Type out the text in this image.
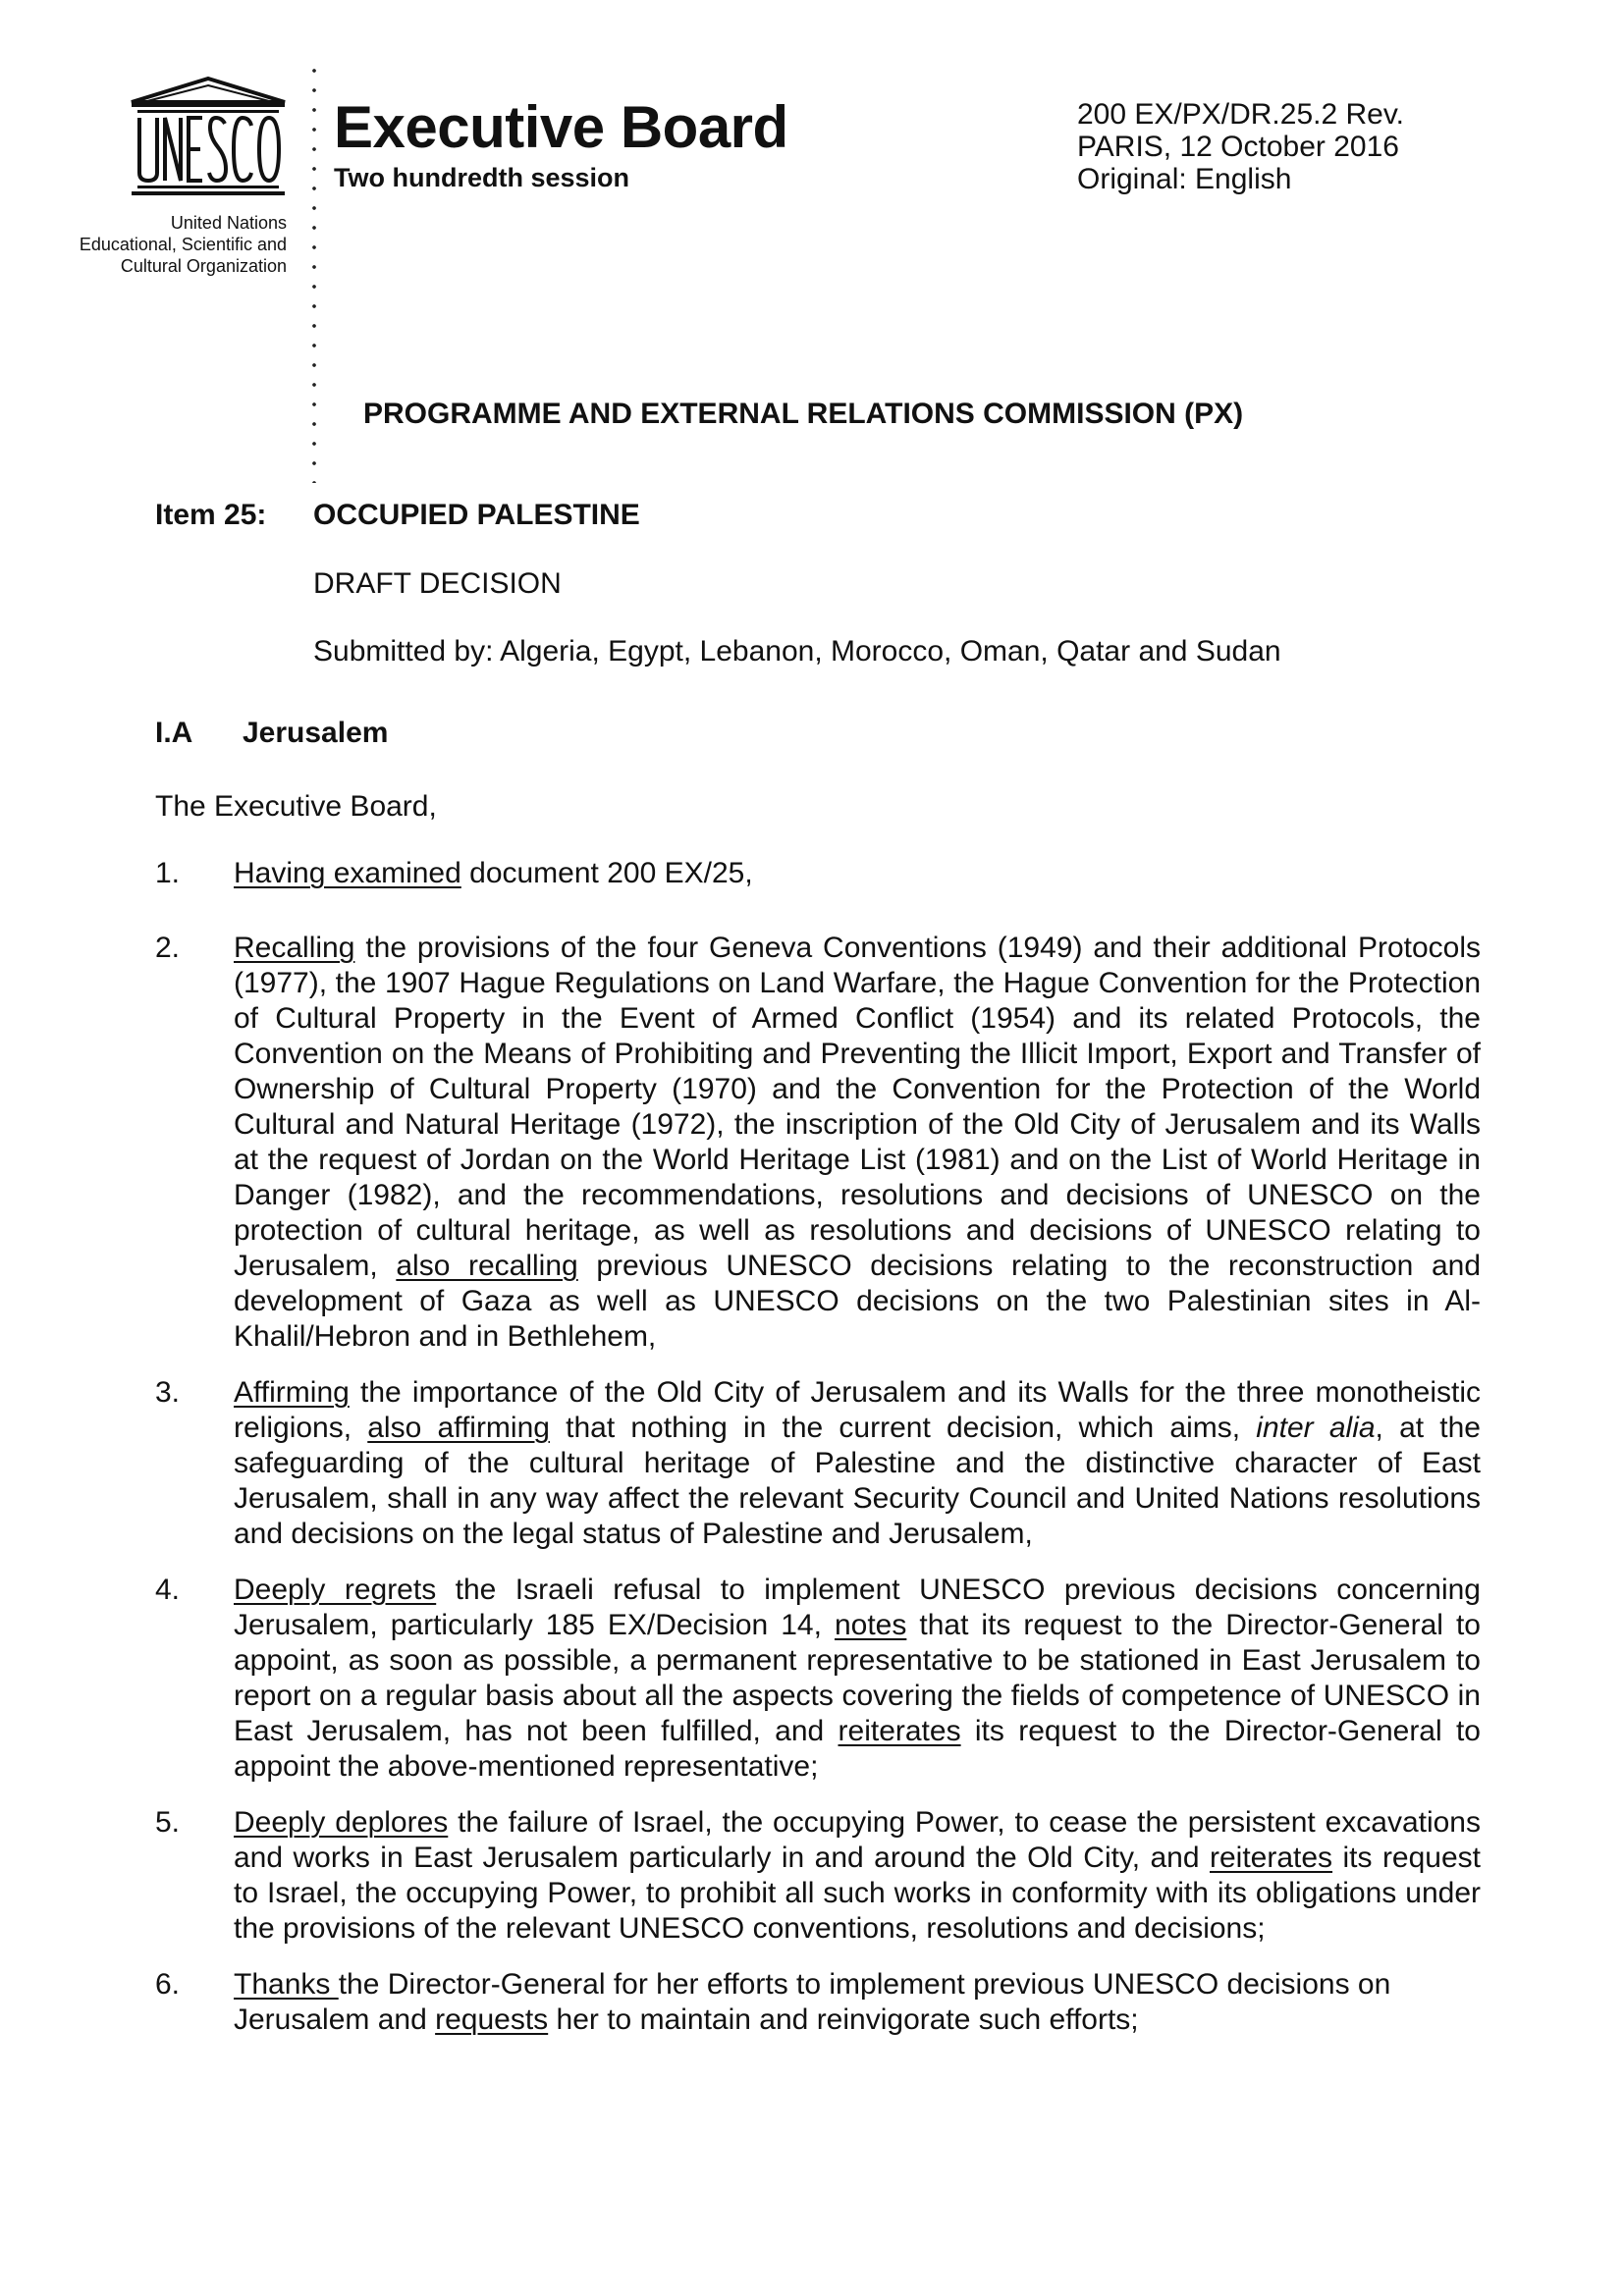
United Nations
Educational, Scientific and
Cultural Organization
Executive Board
Two hundredth session
200 EX/PX/DR.25.2 Rev.
PARIS, 12 October 2016
Original: English
PROGRAMME AND EXTERNAL RELATIONS COMMISSION (PX)
Item 25: OCCUPIED PALESTINE
DRAFT DECISION
Submitted by: Algeria, Egypt, Lebanon, Morocco, Oman, Qatar and Sudan
I.A Jerusalem
The Executive Board,
1.	Having examined document 200 EX/25,
2.	Recalling the provisions of the four Geneva Conventions (1949) and their additional Protocols (1977), the 1907 Hague Regulations on Land Warfare, the Hague Convention for the Protection of Cultural Property in the Event of Armed Conflict (1954) and its related Protocols, the Convention on the Means of Prohibiting and Preventing the Illicit Import, Export and Transfer of Ownership of Cultural Property (1970) and the Convention for the Protection of the World Cultural and Natural Heritage (1972), the inscription of the Old City of Jerusalem and its Walls at the request of Jordan on the World Heritage List (1981) and on the List of World Heritage in Danger (1982), and the recommendations, resolutions and decisions of UNESCO on the protection of cultural heritage, as well as resolutions and decisions of UNESCO relating to Jerusalem, also recalling previous UNESCO decisions relating to the reconstruction and development of Gaza as well as UNESCO decisions on the two Palestinian sites in Al-Khalil/Hebron and in Bethlehem,
3.	Affirming the importance of the Old City of Jerusalem and its Walls for the three monotheistic religions, also affirming that nothing in the current decision, which aims, inter alia, at the safeguarding of the cultural heritage of Palestine and the distinctive character of East Jerusalem, shall in any way affect the relevant Security Council and United Nations resolutions and decisions on the legal status of Palestine and Jerusalem,
4.	Deeply regrets the Israeli refusal to implement UNESCO previous decisions concerning Jerusalem, particularly 185 EX/Decision 14, notes that its request to the Director-General to appoint, as soon as possible, a permanent representative to be stationed in East Jerusalem to report on a regular basis about all the aspects covering the fields of competence of UNESCO in East Jerusalem, has not been fulfilled, and reiterates its request to the Director-General to appoint the above-mentioned representative;
5.	Deeply deplores the failure of Israel, the occupying Power, to cease the persistent excavations and works in East Jerusalem particularly in and around the Old City, and reiterates its request to Israel, the occupying Power, to prohibit all such works in conformity with its obligations under the provisions of the relevant UNESCO conventions, resolutions and decisions;
6.	Thanks the Director-General for her efforts to implement previous UNESCO decisions on Jerusalem and requests her to maintain and reinvigorate such efforts;
